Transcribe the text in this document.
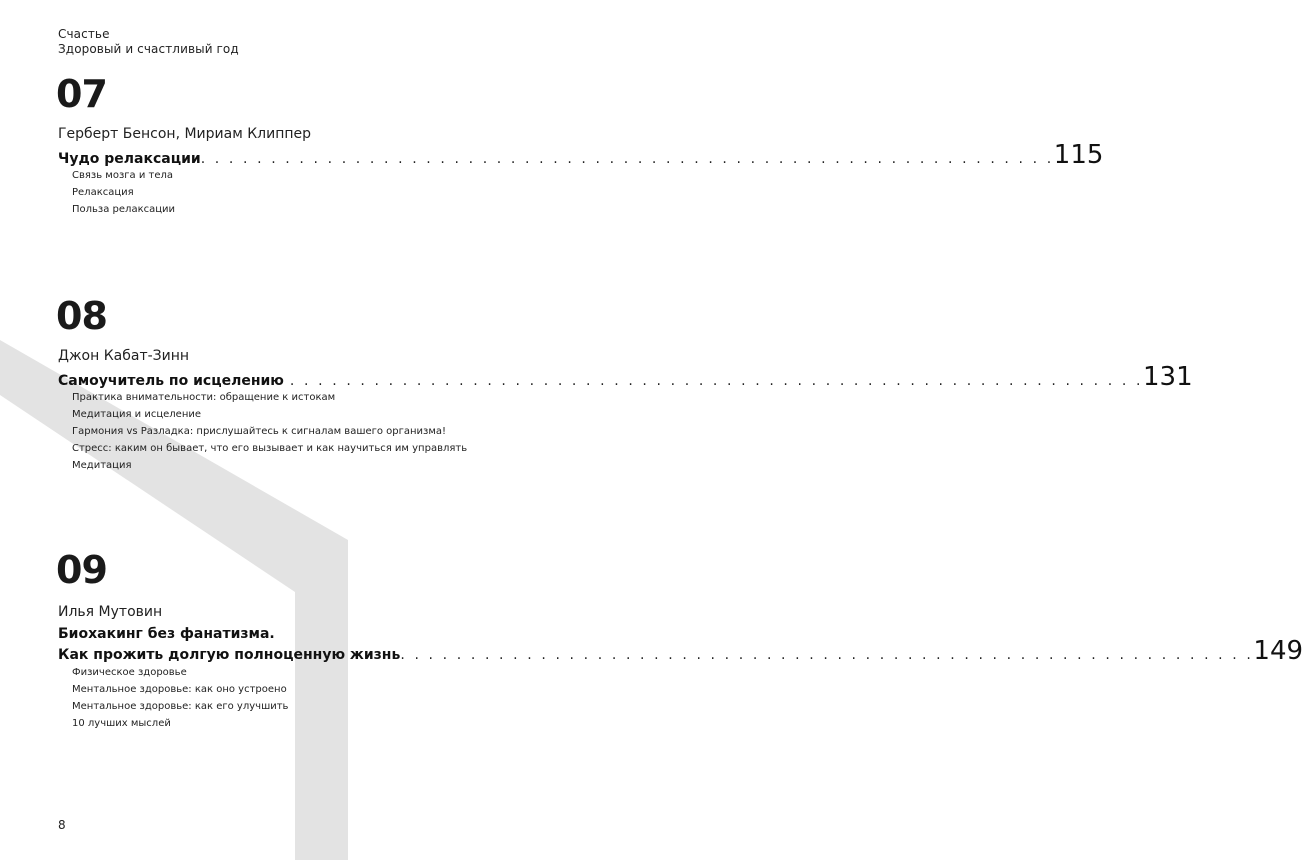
Счастье
Здоровый и счастливый год
07
Герберт Бенсон, Мириам Клиппер
Чудо релаксации . . . . . . . . . . . . . . . . . . . . . . . . . . . . . . . . . . . . . . . . . . . . . . . . . . . . . . . . . . . . . 115
Связь мозга и тела
Релаксация
Польза релаксации
08
Джон Кабат-Зинн
Самоучитель по исцелению . . . . . . . . . . . . . . . . . . . . . . . . . . . . . . . . . . . . . . . . . . . . . . . . . . . . . . . . . . . . . 131
Практика внимательности: обращение к истокам
Медитация и исцеление
Гармония vs Разладка: прислушайтесь к сигналам вашего организма!
Стресс: каким он бывает, что его вызывает и как научиться им управлять
Медитация
09
Илья Мутовин
Биохакинг без фанатизма.
Как прожить долгую полноценную жизнь . . . . . . . . . . . . . . . . . . . . . . . . . . . . . . . . . . . . . . . . . . . . . . . . . . . . . . . . . . . . . 149
Физическое здоровье
Ментальное здоровье: как оно устроено
Ментальное здоровье: как его улучшить
10 лучших мыслей
8
